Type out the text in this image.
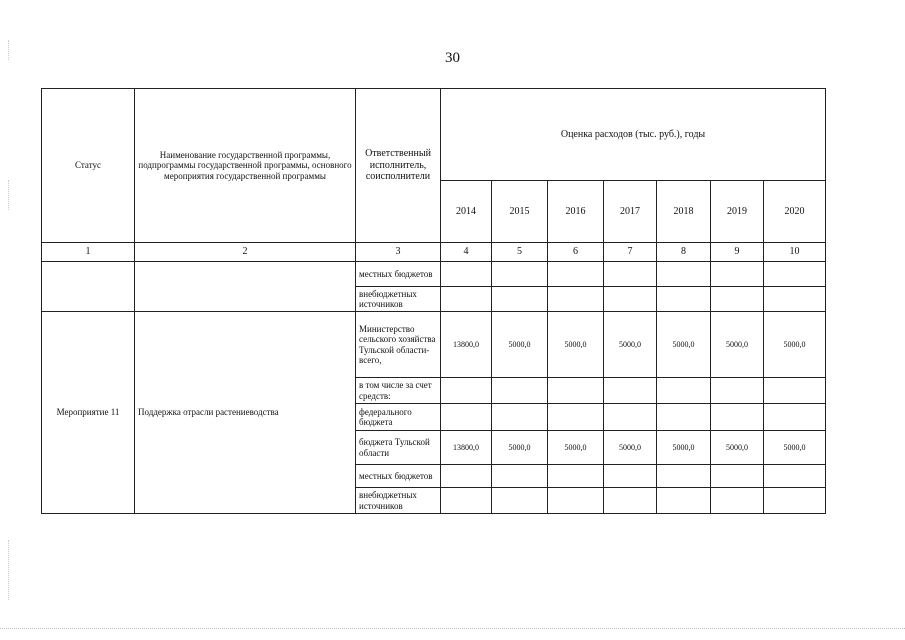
30
Статус	Наименование государственной программы, подпрограммы государственной программы, основного мероприятия государственной программы	Ответственный исполнитель, соисполнители	Оценка расходов (тыс. руб.), годы						
			2014	2015	2016	2017	2018	2019	2020
1	2	3	4	5	6	7	8	9	10
		местных бюджетов							
		внебюджетных источников							
Мероприятие 11	Поддержка отрасли растениеводства	Министерство сельского хозяйства Тульской области- всего,	13800,0	5000,0	5000,0	5000,0	5000,0	5000,0	5000,0
		в том числе за счет средств:							
		федерального бюджета							
		бюджета Тульской области	13800,0	5000,0	5000,0	5000,0	5000,0	5000,0	5000,0
		местных бюджетов							
		внебюджетных источников							
